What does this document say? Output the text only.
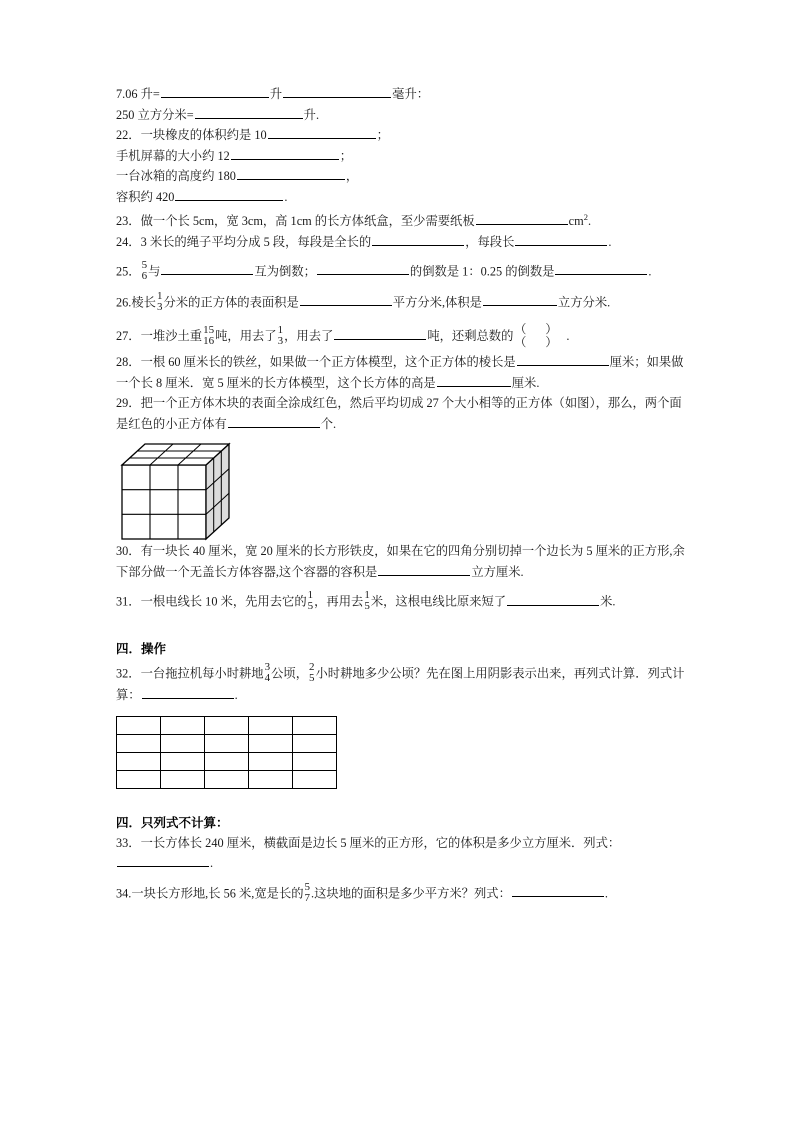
7.06 升=	升	毫升：
250 立方分米=	升.
22．一块橡皮的体积约是 10	；
手机屏幕的大小约 12	；
一台冰箱的高度约 180	，
容积约 420	.
23．做一个长 5cm，宽 3cm，高 1cm 的长方体纸盒，至少需要纸板	$cm^2$.
24．3 米长的绳子平均分成 5 段，每段是全长的	，每段长	.
25． 5
6 与	互为倒数；	的倒数是 1：0.25 的倒数是	.
26.棱长 1
3 分米的正方体的表面积是	平方分米,体积是	立方分米.
27．一堆沙土重 15
16 吨，用去了 1
3 ，用去了	吨，还剩总数的
（ ）
（ ） .
28．一根 60 厘米长的铁丝，如果做一个正方体模型，这个正方体的棱长是	厘米；如果做一个长 8 厘米．宽 5 厘米的长方体模型，这个长方体的高是	厘米.
29．把一个正方体木块的表面全涂成红色，然后平均切成 27 个大小相等的正方体（如图），那么，两个面是红色的小正方体有	个.
30．有一块长 40 厘米，宽 20 厘米的长方形铁皮，如果在它的四角分别切掉一个边长为 5 厘米的正方形,余下部分做一个无盖长方体容器,这个容器的容积是	立方厘米.
31．一根电线长 10 米，先用去它的 1
5 ，再用去 1
5 米，这根电线比原来短了	米.
四．操作
32．一台拖拉机每小时耕地 3
4 公顷， 2
5 小时耕地多少公顷？先在图上用阴影表示出来，再列式计算．列式计算：	.

四．只列式不计算：
33．一长方体长 240 厘米，横截面是边长 5 厘米的正方形，它的体积是多少立方厘米．列式：.
34.一块长方形地,长 56 米,宽是长的 5
7 .这块地的面积是多少平方米？列式：	.
